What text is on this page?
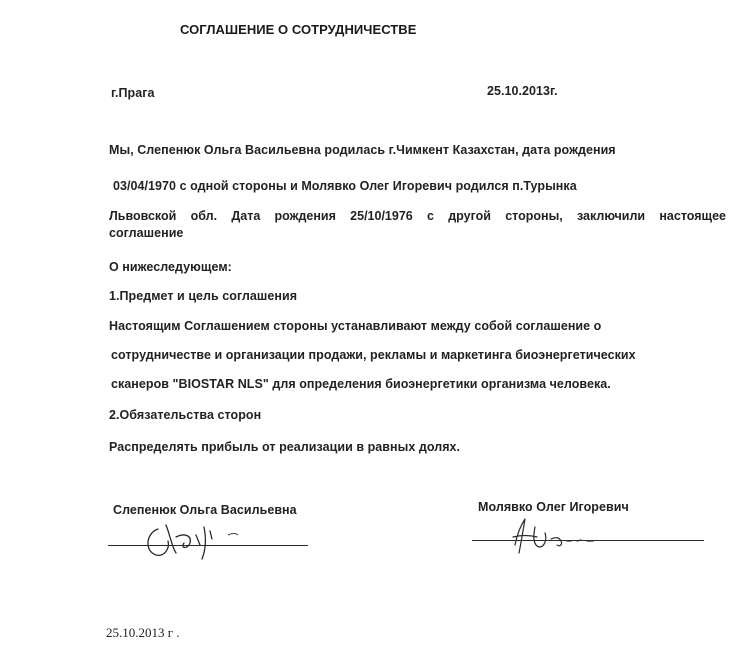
СОГЛАШЕНИЕ О СОТРУДНИЧЕСТВЕ

г.Прага	25.10.2013г.

Мы, Слепенюк Ольга Васильевна родилась г.Чимкент Казахстан, дата рождения

03/04/1970 с одной стороны и Молявко Олег Игоревич родился п.Турынка

Львовской обл. Дата рождения 25/10/1976 с другой стороны, заключили настоящее

соглашение

О нижеследующем:

1.Предмет и цель соглашения

Настоящим Соглашением стороны устанавливают между собой соглашение о

сотрудничестве и организации продажи, рекламы и маркетинга биоэнергетических

сканеров "BIOSTAR NLS" для определения биоэнергетики организма человека.

2.Обязательства сторон

Распределять прибыль от реализации в равных долях.

Слепенюк Ольга Васильевна	Молявко Олег Игоревич

25.10.2013 г .
